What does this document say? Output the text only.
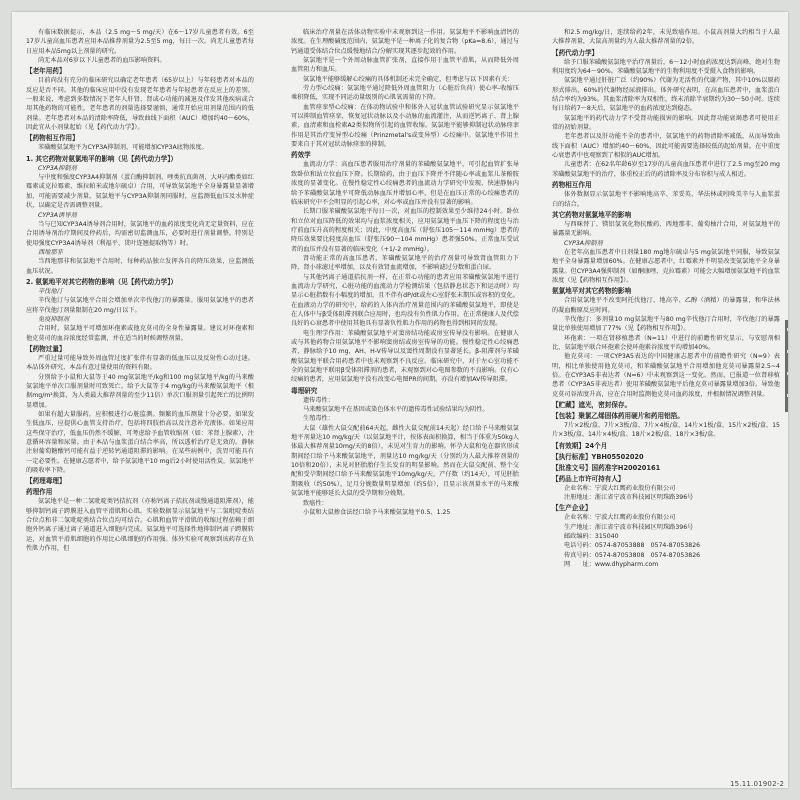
有临床数据提示，本品（2.5 mg～5 mg/天）在6～17岁儿童患者有效。6至17岁儿童高血压患者应用本品推荐剂量为2.5至5 mg，每日一次。尚无儿童患者每日应用本品5mg以上剂量的研究。

尚无本品对6岁以下儿童患者的血压影响资料。

【老年用药】

目前尚没有充分的临床研究以确定老年患者（65岁以上）与年轻患者对本品的反应是否不同。其他的临床应用中没有发现老年患者与年轻患者在反应上的差别。一般来说，考虑到多数情况下老年人肝肾、肾或心功能的减退及伴发其他疾病或合用其他药物的可能性，老年患者的剂量选择要谨慎，通常开始应用剂量范围内的低剂量。老年患者对本品的清除率降低，导致曲线下面积（AUC）增加约40～60%，因此宜从小剂量起始（见【药代动力学】）。

【药物相互作用】

苯磺酸氨氯地平为CYP3A抑制剂，可能增加CYP3A底物浓度。

1. 其它药物对氨氯地平的影响（见【药代动力学】）

CYP3A抑制剂

与中度和强度CYP3A4抑制剂（蛋白酶抑制剂、唑类抗真菌剂、大环内酯类如红霉素或克拉霉素、维拉帕米或地尔硫卓）合用，可导致氨氯地平全身暴露量显著增加，可能需要减少剂量。氨氯地平与CYP3A抑制剂同服时，应监测低血压及水肿症状，以确定是否需调整剂量。

CYP3A诱导剂

当与已知CYP3A4诱导剂合用时，氨氯地平的血药浓度变化尚无定量资料，应在合用诱导剂治疗期间及停药后，均需密切监测血压，必要时进行剂量调整。特别是使用强度CYP3A4诱导剂（利福平、贯叶连翘提取物等）时。

西地那非

当西地那非和氨氯地平合用时，每种药品独立发挥各自的降压效果，应监测低血压状况。

2. 氨氯地平对其它药物的影响（见【药代动力学】）

辛伐他汀

辛伐他汀与氨氯地平合用会增加单次辛伐他汀的暴露量。服用氨氯地平的患者应将辛伐他汀剂量限制在20 mg/日以下。

免疫抑制剂

合用时，氨氯地平可增加环孢素或他克莫司的全身性暴露量。建议对环孢素和他克莫司的血谷浓度经常监测，并在适当的时候调整剂量。

【药物过量】

严重过量可能导致外周血管过度扩张伴有显著的低血压以及反射性心动过速。本品体外研究，本品有意过量使用的资料有限。

分别给予小鼠和大鼠等于40 mg氨氯地平/kg和100 mg氨氯地平/kg的马来酸氨氯地平单次口服剂量时可致死亡。给予大鼠等于4 mg/kg的马来酸氨氯地平（根据mg/m²换算，为人类最大推荐剂量的至少11倍）单次口服剂量引起死亡的比例明显增加。

如果有超大量服药，应积极进行心脏监测。频繁的血压测量十分必要。如果发生低血压，应提供心血管支持治疗，包括将四肢抬高以及注意补充液体。如果应用这些保守治疗，低血压仍然不缓解，可考虑给予血管收缩剂（如：苯肾上腺素），注意循环容量和尿量。由于本品与血浆蛋白结合率高，所以透析治疗是无效的。静脉注射葡萄糖酸钙可能有益于逆转钙通道阻滞的影响。在某些病例中，洗胃可能具有一定必要性。在健康志愿者中，给予氨氯地平10 mg后2小时使用活性炭，氨氯地平的吸收率下降。

【药理毒理】

药理作用

氨氯地平是一种二氢吡啶类钙拮抗剂（亦称钙离子拮抗剂或慢通道阻滞剂），能够抑制钙离子跨膜进入血管平滑肌和心肌。实验数据显示氨氯地平与二氢吡啶类结合位点和非二氢吡啶类结合位点均可结合。心肌和血管平滑肌的收缩过程依赖于细胞外钙离子通过离子通道进入细胞内完成。氨氯地平可选择性地抑制钙离子跨膜转运，对血管平滑肌细胞的作用比心肌细胞的作用强。体外实验可观察到该药存在负性肌力作用，但

临床治疗剂量在活体动物实验中未观察到这一作用。氨氯地平不影响血清钙的浓度。在生理酸碱度范围内，氨氯地平是一种离子化的复合物（pKa=8.6），通过与钙通道受体结合位点缓慢地结合/分解实现其逐步起效的作用。

氨氯地平是一个外周动脉血管扩张剂，直接作用于血管平滑肌，从而降低外周血管阻力和血压。

氨氯地平能够缓解心绞痛的具体机制还未完全确定，但考虑与以下因素有关：

劳力型心绞痛：氨氯地平通过降低外周血管阻力（心脏后负荷）使心率-收缩压乘积降低，实现不同运动量级别的心肌氧需量的下降。

血管痉挛型心绞痛：在体动物试验中和体外人冠状血管试验研究显示氨氯地平可以抑制血管痉挛，恢复冠状动脉以及小动脉的血流灌注，从而逆钙离子、肾上腺素、血清素和血栓素A2类似物所引起的血管收缩。氨氯地平能够抑制冠状动脉痉挛作用是其治疗变异型心绞痛（Prinzmetal's或变异型）心绞痛中。氨氯地平作用主要来自于其对冠状动脉痉挛的抑制。

药效学

血流动力学：高血压患者服用治疗剂量的苯磺酸氨氯地平，可引起血管扩张导致卧位和站立位血压下降。长期给药，由于血压下降并不伴随心率或血浆儿茶酚胺浓度的显著变化。在慢性稳定性心绞痛患者的血流动力学研究中发现，快速静脉内给予苯磺酸氨氯地平可降低动脉血压并增加心率，但是在血压正常的心绞痛患者的临床研究中不会明显的引起心率，对心率或血压并没有显著的影响。

长期口服苯磺酸氨氯地平每日一次，对血压的控制效果至少维持24小时。卧位和立位对血压降低的效果均与血浆浓度相关，应用氨氯地平血压下降的程度也与治疗前血压升高的程度相关；因此，中度高血压（舒张压105～114 mmHg）患者的降压效果要比轻度高血压（舒张压90～104 mmHg）患者强50%。正常血压受试者的血压并没有显著的临床变化（+1/-2 mmHg）。

肾功能正常的高血压患者，苯磺酸氨氯地平的治疗剂量可导致肾血管阻力下降，肾小球滤过率增加，以及有效肾血流增加，不影响滤过分数和蛋白尿。

与其他钙离子通道拮抗剂一样，在正常心功能的患者应用苯磺酸氨氯地平进行血流动力学研究，心脏功能的血流动力学检测结果（包括静息状态下和运动时）均显示心脏指数有小幅度的增加，且不伴有dP/dt或左心室舒张末期压或容积的变化。在血液动力学的研究中，给药的人体内治疗剂量范围内的苯磺酸氨氯地平，即使是在人体中与β受体阻滞剂联合应用时，也均没有负性肌力作用。在正常健康人及代偿良好的心衰患者中使用其他具有显著负性肌力作用的药物也得到相同的发现。

电生理学作用：苯磺酸氨氯地平对窦房结功能或房室传导没有影响。在健康人或与其他药物合用氨氯地平不影响窦房结或房室传导的功能。慢性稳定性心绞痛患者，静脉给予10 mg，AH、H-V传导以及窦性周期没有显著延长。β-阻滞剂与苯磺酸氨氯地平联合用药患者中也未观察到不良反应。临床研究中，对于左心室功能不全的氨氯地平联用β受体阻滞剂的患者，未观察到对心电图参数的不良影响。仅有心绞痛的患者，应用氨氯地平没有改变心电图PR的间期。亦没有增加AV传导阻滞。

毒理研究

遗传毒性：

马来酸氨氯地平在基因或染色体水平的遗传毒性试验结果均为阴性。

生殖毒性：

大鼠（雄性大鼠交配前64天起，雌性大鼠交配前14天起）经口给予马来酸氨氯地平剂量达10 mg/kg/天（以氨氯地平计，按体表面积换算，相当于体重为50kg人体最大推荐剂量10mg/天的8倍），未见对生育力的影响。怀孕大鼠和兔在器官形成期间经口给予马来酸氨氯地平，剂量达10 mg/kg/天（分别约为人最大推荐剂量的10倍和20倍），未见对胚胎胎仔生长发育的明显影响。然而在大鼠交配前、整个交配和受孕期间经口给予马来酸氨氯地平10mg/kg/天，产仔数（约14天），可见胚胎期吸收（约50%），足月分娩数量明显增加（约5倍），且显示该剂量水平的马来酸氨氯地平能够延长大鼠的受孕期和分娩期。

致癌性：

小鼠和大鼠掺食法经口给予马来酸氨氯地平0.5、1.25

和2.5 mg/kg/日，连续给药2年，未见致癌作用。小鼠高剂量大约相当于人最大推荐剂量，大鼠高剂量约为人最大推荐剂量的2倍。

【药代动力学】

给予口服苯磺酸氨氯地平治疗剂量后，6～12小时血药浓度达到高峰，绝对生物利用度约为64～90%。苯磺酸氨氯地平的生物利用度不受摄入食物的影响。

氨氯地平通过肝脏广泛（约90%）代谢为无活性的代谢产物，其中10%以原药形式排出，60%的代谢物经尿液排出。体外研究表明，在高血压患者中，血浆蛋白结合率约为93%。其血浆清除率为双相性，终末消除半衰期约为30～50小时。连续每日给药7～8天后，氨氯地平的血药浓度达到稳态。

氨氯地平的药代动力学不受肾功能损害的影响。因此肾功能衰竭患者可使用正常的初始剂量。

老年患者以及肝功能不全的患者中，氨氯地平的药物清除率减低，从而导致曲线下面积（AUC）增加约40～60%，因此可能需要选择较低的起始剂量。在中重度心衰患者中也观察到了相似的AUC增加。

儿童患者：在62名年龄6岁至17岁的儿童高血压患者中进行了2.5 mg至20 mg苯磺酸氨氯地平的治疗，体重校正后的药清除率及分布容积与成人相近。

药物相互作用

体外数据显示氨氯地平不影响地高辛、苯妥英、华法林或吲哚美辛与人血浆蛋白的结合。

其它药物对氨氯地平的影响

与西咪替丁、镁铝氢氧化物抗酸药、西地那非、葡萄柚汁合用，对氨氯地平的暴露量无影响。

CYP3A抑制剂

在老年高血压患者中日剂量180 mg地尔硫卓与5 mg氨氯地平同服，导致氨氯地平全身暴露量增加60%。在健康志愿者中，红霉素并不明显改变氨氯地平全身暴露量。但CYP3A4强抑制剂（如酮康唑、克拉霉素）可能会大幅增加氨氯地平的血浆浓度（见【药物相互作用】）。

氨氯地平对其它药物的影响

合用氨氯地平不改变阿托伐他汀、地高辛、乙醇（酒精）的暴露量，和华法林的凝血酶原反应时间。

辛伐他汀：多剂量10 mg氨氯地平与80 mg辛伐他汀合用时，辛伐他汀的暴露量比单独使用增加了77%（见【药物相互作用】）。

环孢素：一项在肾移植患者（N=11）中进行的前瞻性研究显示，与安慰剂相比，氨氯地平联合环孢素会使环孢素谷浓度平均增加40%。

他克莫司：一项CYP3A5表达的中国健康志愿者中的前瞻性研究（N=9）表明，相比单独使用他克莫司，和苯磺酸氨氯地平合用增加他克莫司暴露量2.5~4倍。在CYP3A5非表达者（N=6）中未观察到这一变化。然而，已报道一位肾移植患者（CYP3A5非表达者）使用苯磺酸氨氯地平后他克莫司暴露量增加3倍。导致他克莫司谷浓度升高，应在合用时监测他克莫司血药浓度，并根据情况调整剂量。

【贮藏】遮光，密封保存。

【包装】聚氯乙烯固体药用硬片和药用铝箔。

7片×2板/盒、7片×3板/盒、7片×4板/盒、14片×1板/盒、15片×2板/盒、15片×3板/盒、14片×4板/盒、18片×2板/盒、18片×3板/盒。

【有效期】24个月

【执行标准】YBH05502020

【批准文号】国药准字H20020161

【药品上市许可持有人】

企业名称：宁波大红鹰药业股份有限公司

注册地址：浙江省宁波市科技园区明珠路396号

【生产企业】

企业名称：宁波大红鹰药业股份有限公司

生产地址：浙江省宁波市科技园区明珠路396号

邮政编码：315040

电话号码：0574-87053888　0574-87053826

传真号码：0574-87053808　0574-87053826

网　　址：www.dhypharm.com

15.11.01902-2
